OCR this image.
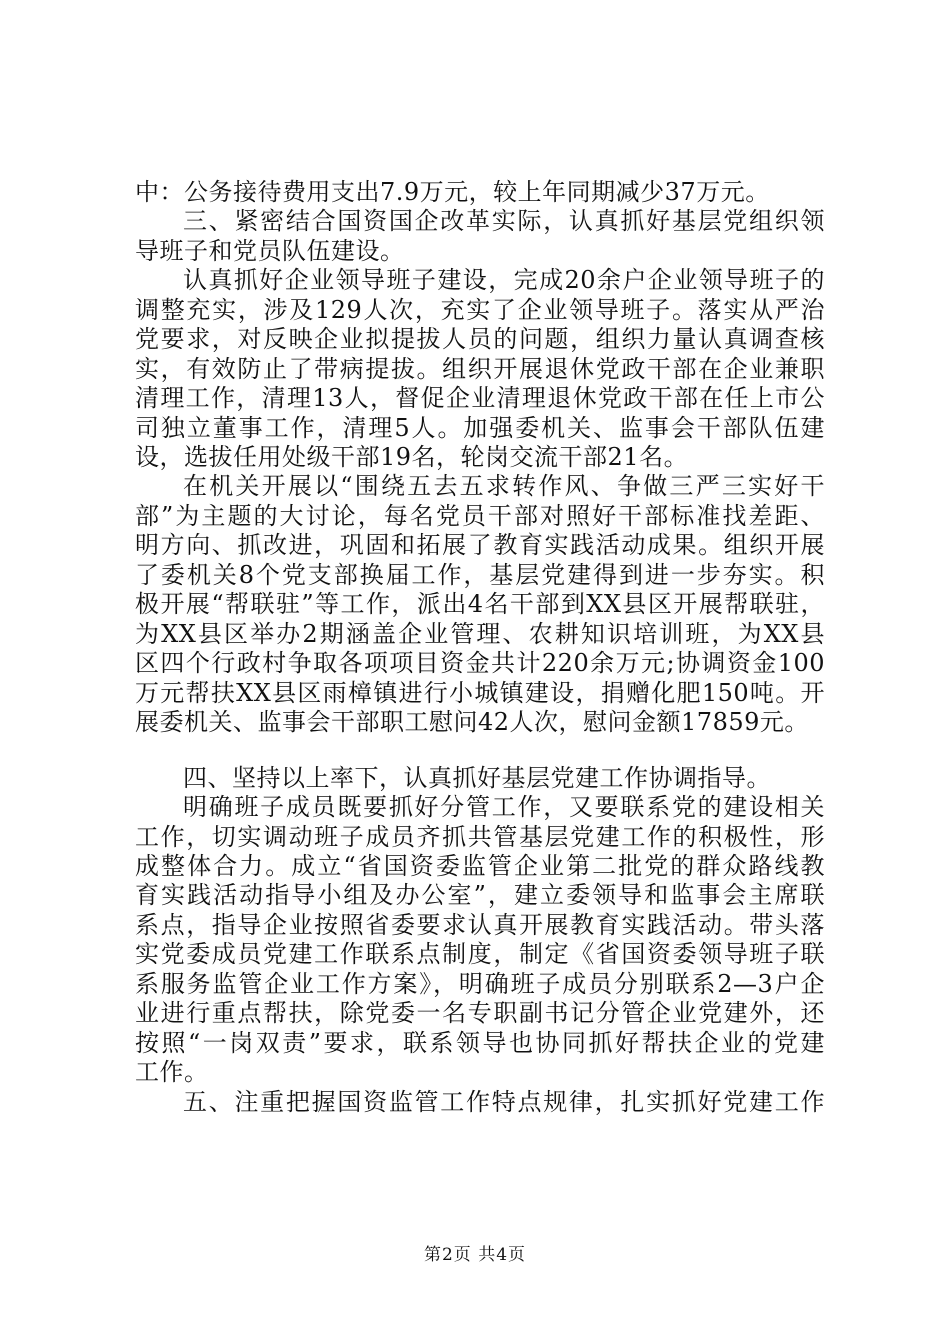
中：公务接待费用支出7.9万元，较上年同期减少37万元。
三、紧密结合国资国企改革实际，认真抓好基层党组织领
导班子和党员队伍建设。
认真抓好企业领导班子建设，完成20余户企业领导班子的
调整充实，涉及129人次，充实了企业领导班子。落实从严治
党要求，对反映企业拟提拔人员的问题，组织力量认真调查核
实，有效防止了带病提拔。组织开展退休党政干部在企业兼职
清理工作，清理13人，督促企业清理退休党政干部在任上市公
司独立董事工作，清理5人。加强委机关、监事会干部队伍建
设，选拔任用处级干部19名，轮岗交流干部21名。
在机关开展以“围绕五去五求转作风、争做三严三实好干
部”为主题的大讨论，每名党员干部对照好干部标准找差距、
明方向、抓改进，巩固和拓展了教育实践活动成果。组织开展
了委机关8个党支部换届工作，基层党建得到进一步夯实。积
极开展“帮联驻”等工作，派出4名干部到XX县区开展帮联驻，
为XX县区举办2期涵盖企业管理、农耕知识培训班，为XX县
区四个行政村争取各项项目资金共计220余万元;协调资金100
万元帮扶XX县区雨樟镇进行小城镇建设，捐赠化肥150吨。开
展委机关、监事会干部职工慰问42人次，慰问金额17859元。
四、坚持以上率下，认真抓好基层党建工作协调指导。
明确班子成员既要抓好分管工作，又要联系党的建设相关
工作，切实调动班子成员齐抓共管基层党建工作的积极性，形
成整体合力。成立“省国资委监管企业第二批党的群众路线教
育实践活动指导小组及办公室”，建立委领导和监事会主席联
系点，指导企业按照省委要求认真开展教育实践活动。带头落
实党委成员党建工作联系点制度，制定《省国资委领导班子联
系服务监管企业工作方案》，明确班子成员分别联系2—3户企
业进行重点帮扶，除党委一名专职副书记分管企业党建外，还
按照“一岗双责”要求，联系领导也协同抓好帮扶企业的党建
工作。
五、注重把握国资监管工作特点规律，扎实抓好党建工作
第2页 共4页
